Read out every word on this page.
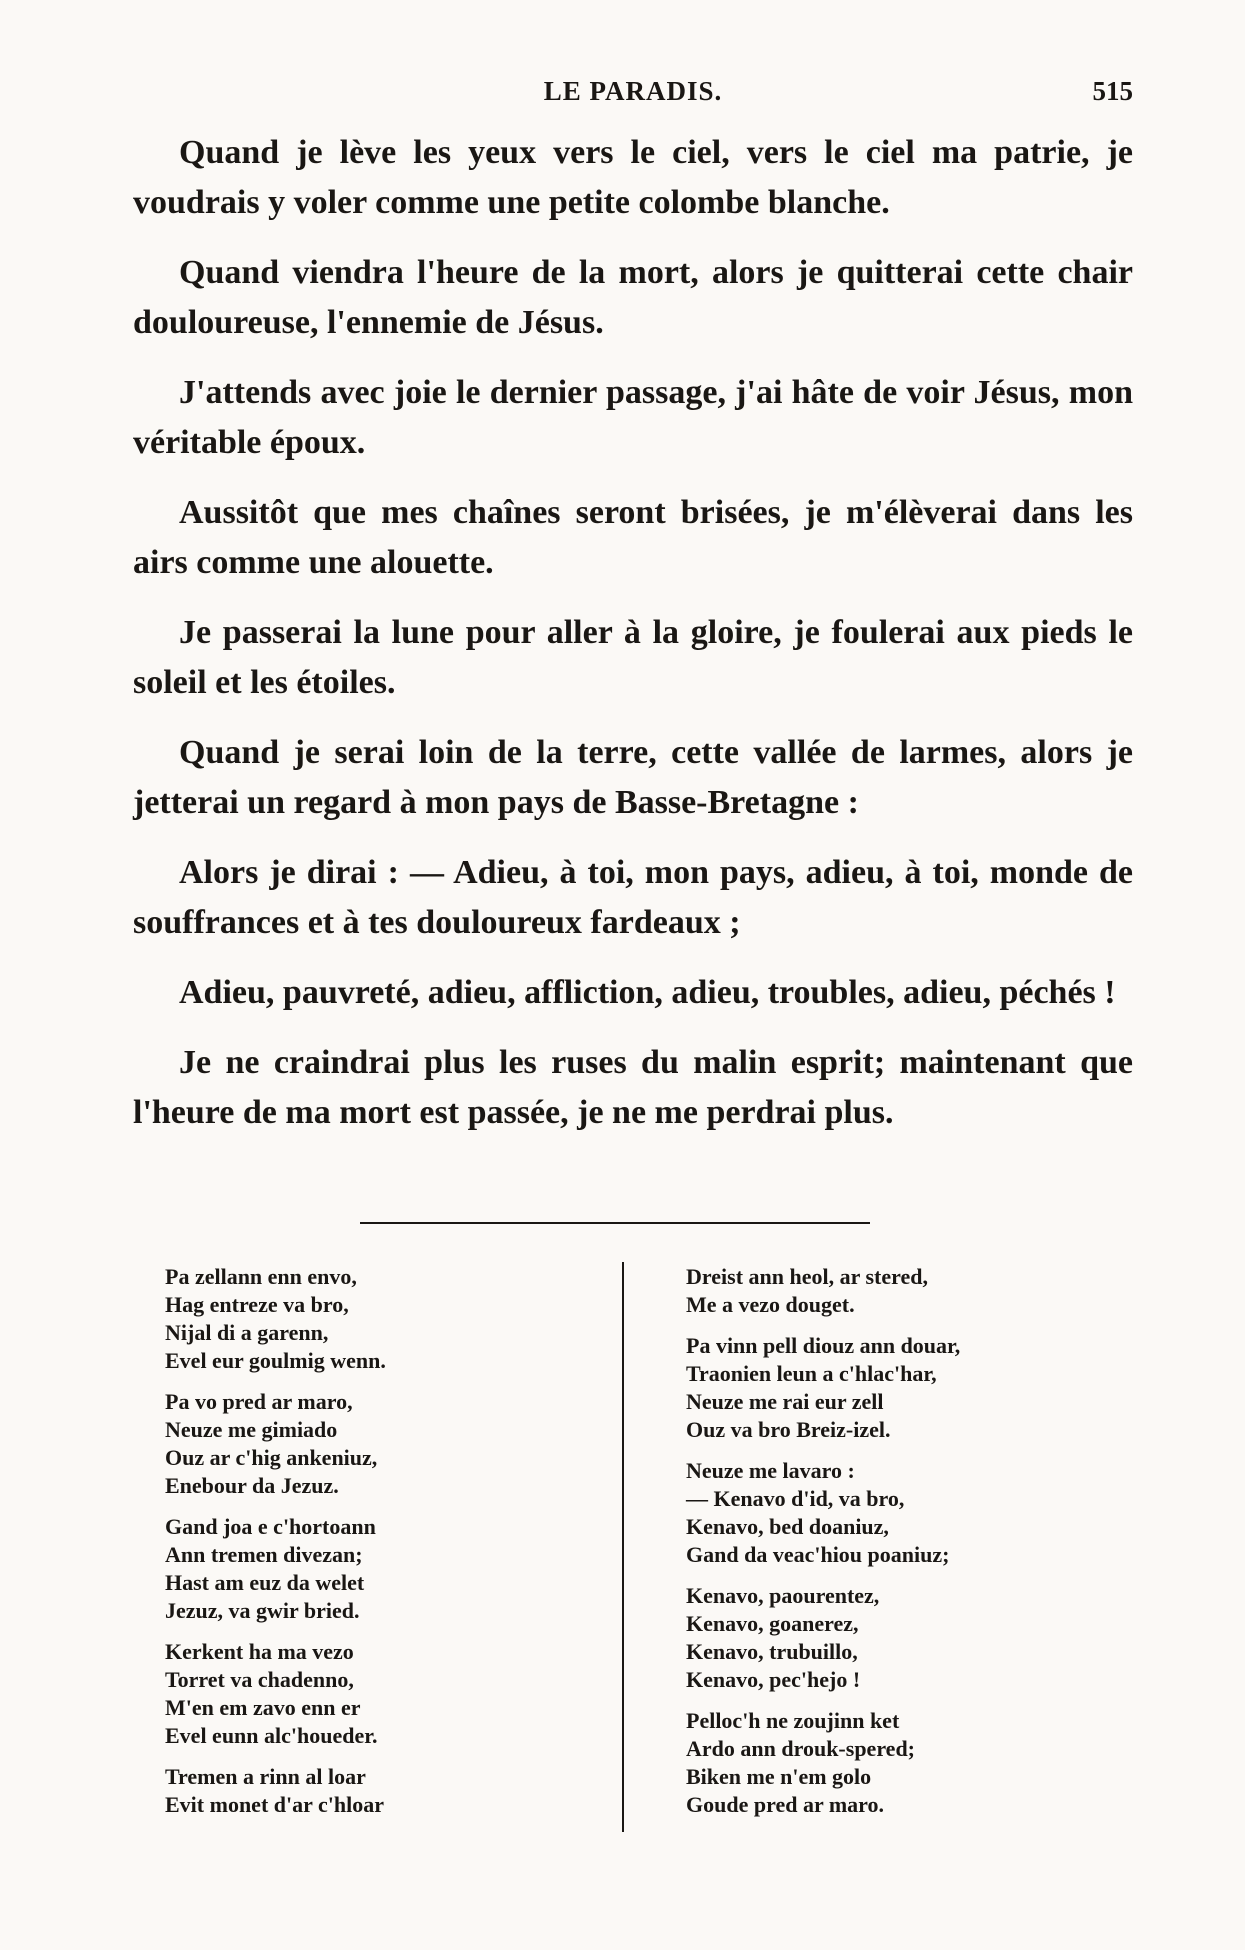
LE PARADIS.	515

Quand je lève les yeux vers le ciel, vers le ciel ma patrie, je voudrais y voler comme une petite colombe blanche.

Quand viendra l'heure de la mort, alors je quitterai cette chair douloureuse, l'ennemie de Jésus.

J'attends avec joie le dernier passage, j'ai hâte de voir Jésus, mon véritable époux.

Aussitôt que mes chaînes seront brisées, je m'élèverai dans les airs comme une alouette.

Je passerai la lune pour aller à la gloire, je foulerai aux pieds le soleil et les étoiles.

Quand je serai loin de la terre, cette vallée de larmes, alors je jetterai un regard à mon pays de Basse-Bretagne :

Alors je dirai : — Adieu, à toi, mon pays, adieu, à toi, monde de souffrances et à tes douloureux fardeaux ;

Adieu, pauvreté, adieu, affliction, adieu, troubles, adieu, péchés !

Je ne craindrai plus les ruses du malin esprit; maintenant que l'heure de ma mort est passée, je ne me perdrai plus.

Pa zellann enn envo,
Hag entreze va bro,
Nijal di a garenn,
Evel eur goulmig wenn.
Pa vo pred ar maro,
Neuze me gimiado
Ouz ar c'hig ankeniuz,
Enebour da Jezuz.
Gand joa e c'hortoann
Ann tremen divezan;
Hast am euz da welet
Jezuz, va gwir bried.
Kerkent ha ma vezo
Torret va chadenno,
M'en em zavo enn er
Evel eunn alc'houeder.
Tremen a rinn al loar
Evit monet d'ar c'hloar
Dreist ann heol, ar stered,
Me a vezo douget.
Pa vinn pell diouz ann douar,
Traonien leun a c'hlac'har,
Neuze me rai eur zell
Ouz va bro Breiz-izel.
Neuze me lavaro :
— Kenavo d'id, va bro,
Kenavo, bed doaniuz,
Gand da veac'hiou poaniuz;
Kenavo, paourentez,
Kenavo, goanerez,
Kenavo, trubuillo,
Kenavo, pec'hejo !
Pelloc'h ne zoujinn ket
Ardo ann drouk-spered;
Biken me n'em golo
Goude pred ar maro.
